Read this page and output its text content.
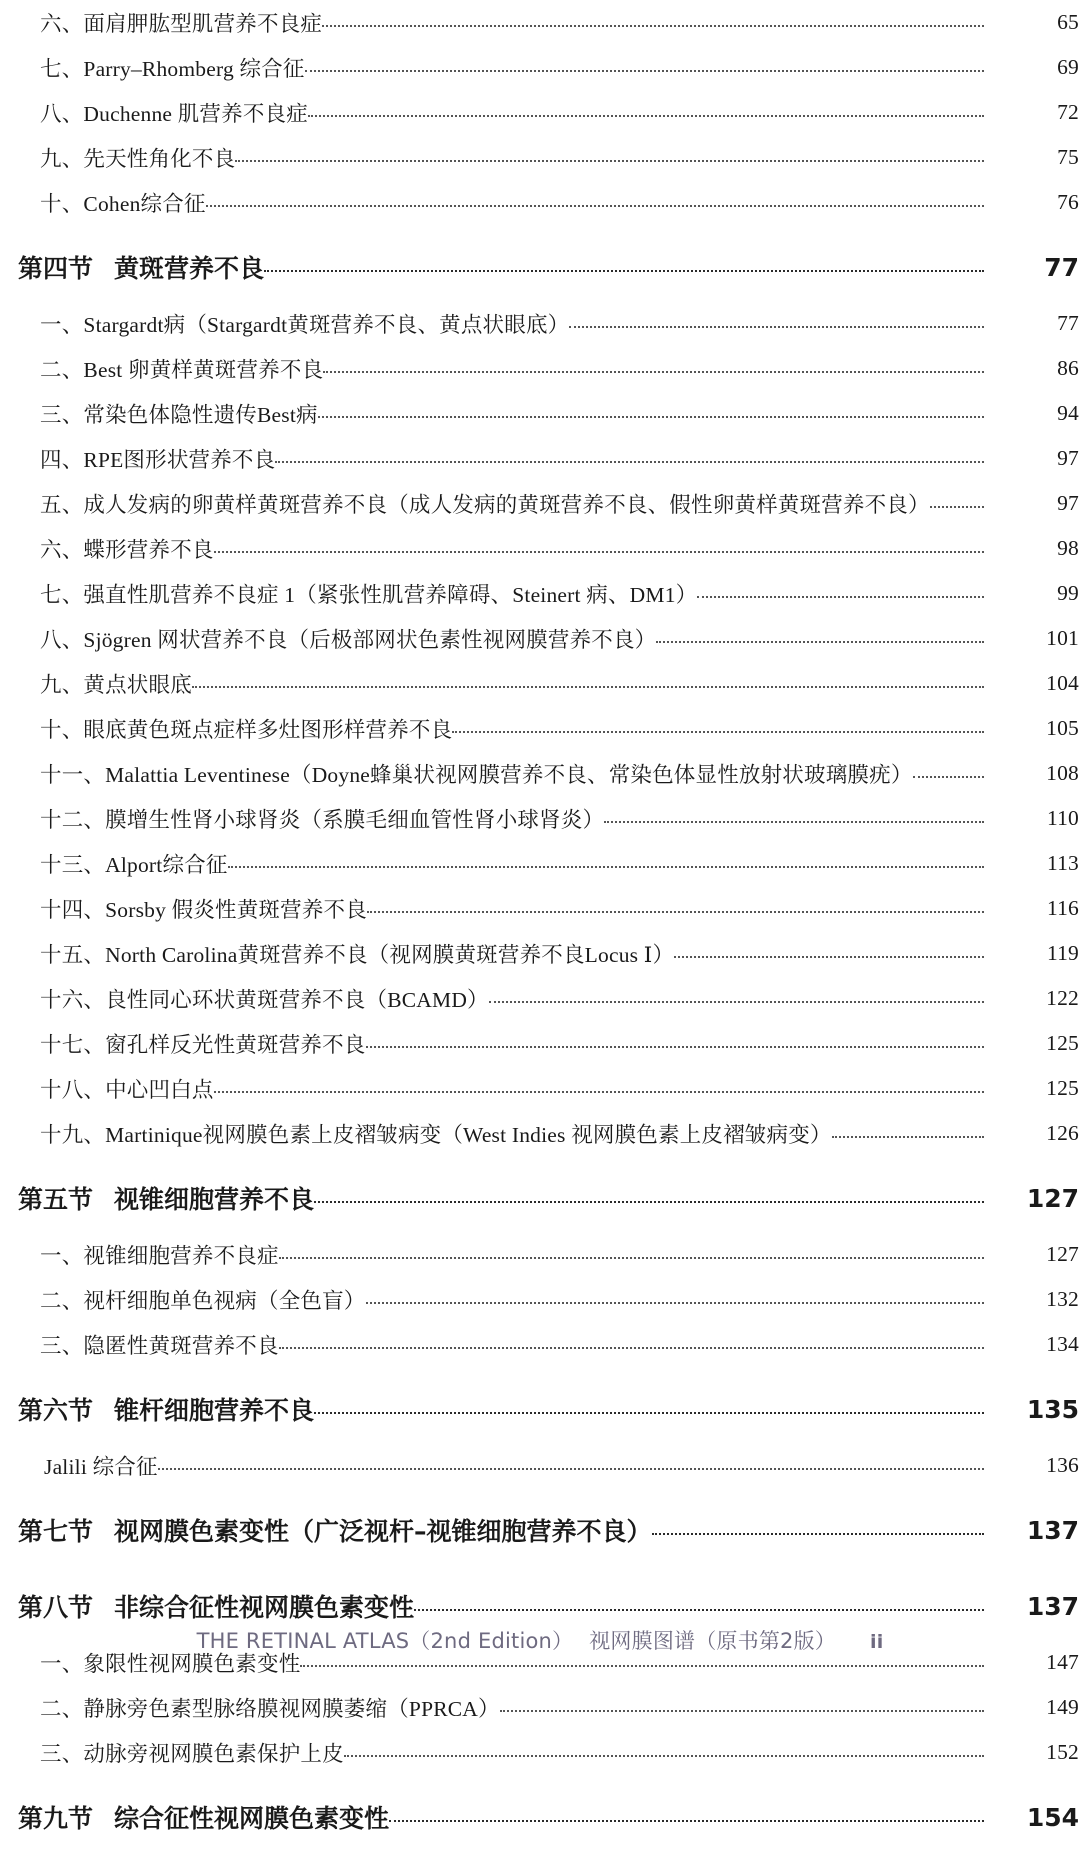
六、面肩胛肱型肌营养不良症	65
七、Parry–Rhomberg 综合征	69
八、Duchenne 肌营养不良症	72
九、先天性角化不良	75
十、Cohen综合征	76
第四节 黄斑营养不良	77
一、Stargardt病（Stargardt黄斑营养不良、黄点状眼底）	77
二、Best 卵黄样黄斑营养不良	86
三、常染色体隐性遗传Best病	94
四、RPE图形状营养不良	97
五、成人发病的卵黄样黄斑营养不良（成人发病的黄斑营养不良、假性卵黄样黄斑营养不良）	97
六、蝶形营养不良	98
七、强直性肌营养不良症 1（紧张性肌营养障碍、Steinert 病、DM1）	99
八、Sjögren 网状营养不良（后极部网状色素性视网膜营养不良）	101
九、黄点状眼底	104
十、眼底黄色斑点症样多灶图形样营养不良	105
十一、Malattia Leventinese（Doyne蜂巢状视网膜营养不良、常染色体显性放射状玻璃膜疣）	108
十二、膜增生性肾小球肾炎（系膜毛细血管性肾小球肾炎）	110
十三、Alport综合征	113
十四、Sorsby 假炎性黄斑营养不良	116
十五、North Carolina黄斑营养不良（视网膜黄斑营养不良Locus Ⅰ）	119
十六、良性同心环状黄斑营养不良（BCAMD）	122
十七、窗孔样反光性黄斑营养不良	125
十八、中心凹白点	125
十九、Martinique视网膜色素上皮褶皱病变（West Indies 视网膜色素上皮褶皱病变）	126
第五节 视锥细胞营养不良	127
一、视锥细胞营养不良症	127
二、视杆细胞单色视病（全色盲）	132
三、隐匿性黄斑营养不良	134
第六节 锥杆细胞营养不良	135
Jalili 综合征	136
第七节 视网膜色素变性（广泛视杆–视锥细胞营养不良）	137
第八节 非综合征性视网膜色素变性	137
一、象限性视网膜色素变性	147
二、静脉旁色素型脉络膜视网膜萎缩（PPRCA）	149
三、动脉旁视网膜色素保护上皮	152
第九节 综合征性视网膜色素变性	154
THE RETINAL ATLAS（2nd Edition） 视网膜图谱（原书第2版） ii
